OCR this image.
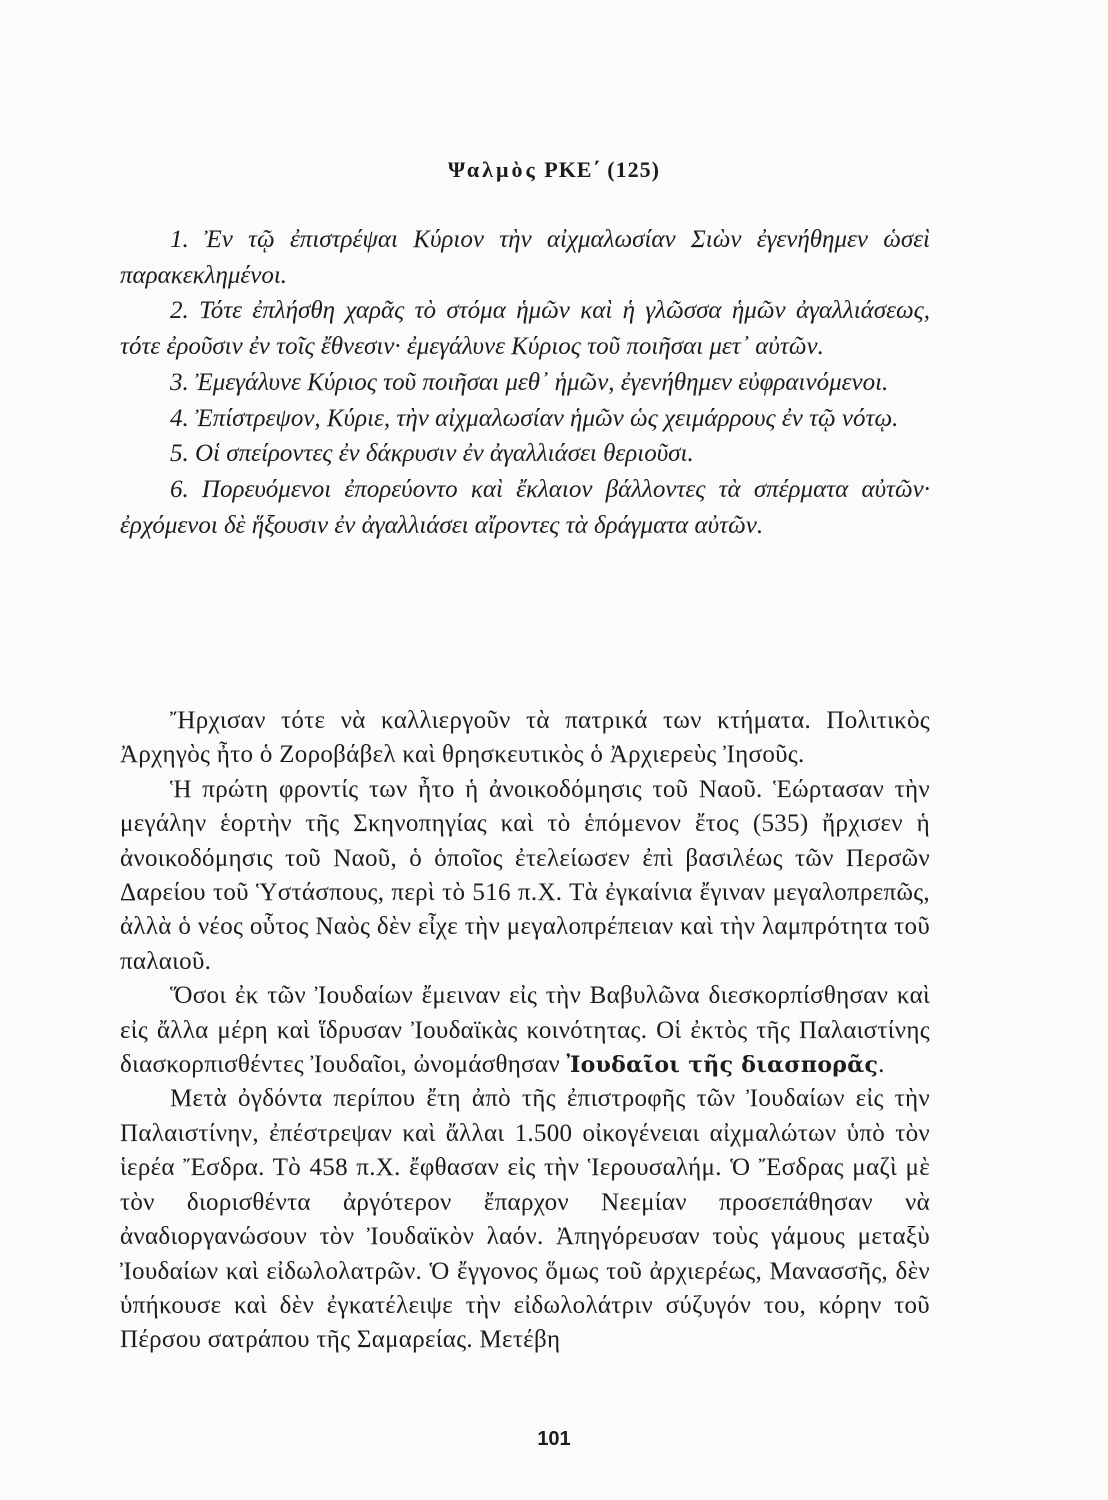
Ψαλμὸς ΡΚΕ΄ (125)

1. Ἐν τῷ ἐπιστρέψαι Κύριον τὴν αἰχμαλωσίαν Σιὼν ἐγενήθημεν ὡσεὶ παρακεκλημένοι.

2. Τότε ἐπλήσθη χαρᾶς τὸ στόμα ἡμῶν καὶ ἡ γλῶσσα ἡμῶν ἀγαλλιάσεως, τότε ἐροῦσιν ἐν τοῖς ἔθνεσιν· ἐμεγάλυνε Κύριος τοῦ ποιῆσαι μετ᾽ αὐτῶν.

3. Ἐμεγάλυνε Κύριος τοῦ ποιῆσαι μεθ᾽ ἡμῶν, ἐγενήθημεν εὐφραινόμενοι.

4. Ἐπίστρεψον, Κύριε, τὴν αἰχμαλωσίαν ἡμῶν ὡς χειμάρρους ἐν τῷ νότῳ.

5. Οἱ σπείροντες ἐν δάκρυσιν ἐν ἀγαλλιάσει θεριοῦσι.

6. Πορευόμενοι ἐπορεύοντο καὶ ἔκλαιον βάλλοντες τὰ σπέρματα αὐτῶν· ἐρχόμενοι δὲ ἥξουσιν ἐν ἀγαλλιάσει αἴροντες τὰ δράγματα αὐτῶν.

Ἤρχισαν τότε νὰ καλλιεργοῦν τὰ πατρικά των κτήματα. Πολιτικὸς Ἀρχηγὸς ἦτο ὁ Ζοροβάβελ καὶ θρησκευτικὸς ὁ Ἀρχιερεὺς Ἰησοῦς.

Ἡ πρώτη φροντίς των ἦτο ἡ ἀνοικοδόμησις τοῦ Ναοῦ. Ἑώρτασαν τὴν μεγάλην ἑορτὴν τῆς Σκηνοπηγίας καὶ τὸ ἑπόμενον ἔτος (535) ἤρχισεν ἡ ἀνοικοδόμησις τοῦ Ναοῦ, ὁ ὁποῖος ἐτελείωσεν ἐπὶ βασιλέως τῶν Περσῶν Δαρείου τοῦ Ὑστάσπους, περὶ τὸ 516 π.Χ. Τὰ ἐγκαίνια ἔγιναν μεγαλοπρεπῶς, ἀλλὰ ὁ νέος οὗτος Ναὸς δὲν εἶχε τὴν μεγαλοπρέπειαν καὶ τὴν λαμπρότητα τοῦ παλαιοῦ.

Ὅσοι ἐκ τῶν Ἰουδαίων ἔμειναν εἰς τὴν Βαβυλῶνα διεσκορπίσθησαν καὶ εἰς ἄλλα μέρη καὶ ἵδρυσαν Ἰουδαϊκὰς κοινότητας. Οἱ ἐκτὸς τῆς Παλαιστίνης διασκορπισθέντες Ἰουδαῖοι, ὠνομάσθησαν Ἰουδαῖοι τῆς διασπορᾶς.

Μετὰ ὀγδόντα περίπου ἔτη ἀπὸ τῆς ἐπιστροφῆς τῶν Ἰουδαίων εἰς τὴν Παλαιστίνην, ἐπέστρεψαν καὶ ἄλλαι 1.500 οἰκογένειαι αἰχμαλώτων ὑπὸ τὸν ἱερέα Ἔσδρα. Τὸ 458 π.Χ. ἔφθασαν εἰς τὴν Ἱερουσαλήμ. Ὁ Ἔσδρας μαζὶ μὲ τὸν διορισθέντα ἀργότερον ἔπαρχον Νεεμίαν προσεπάθησαν νὰ ἀναδιοργανώσουν τὸν Ἰουδαϊκὸν λαόν. Ἀπηγόρευσαν τοὺς γάμους μεταξὺ Ἰουδαίων καὶ εἰδωλολατρῶν. Ὁ ἔγγονος ὅμως τοῦ ἀρχιερέως, Μανασσῆς, δὲν ὑπήκουσε καὶ δὲν ἐγκατέλειψε τὴν εἰδωλολάτριν σύζυγόν του, κόρην τοῦ Πέρσου σατράπου τῆς Σαμαρείας. Μετέβη

101
